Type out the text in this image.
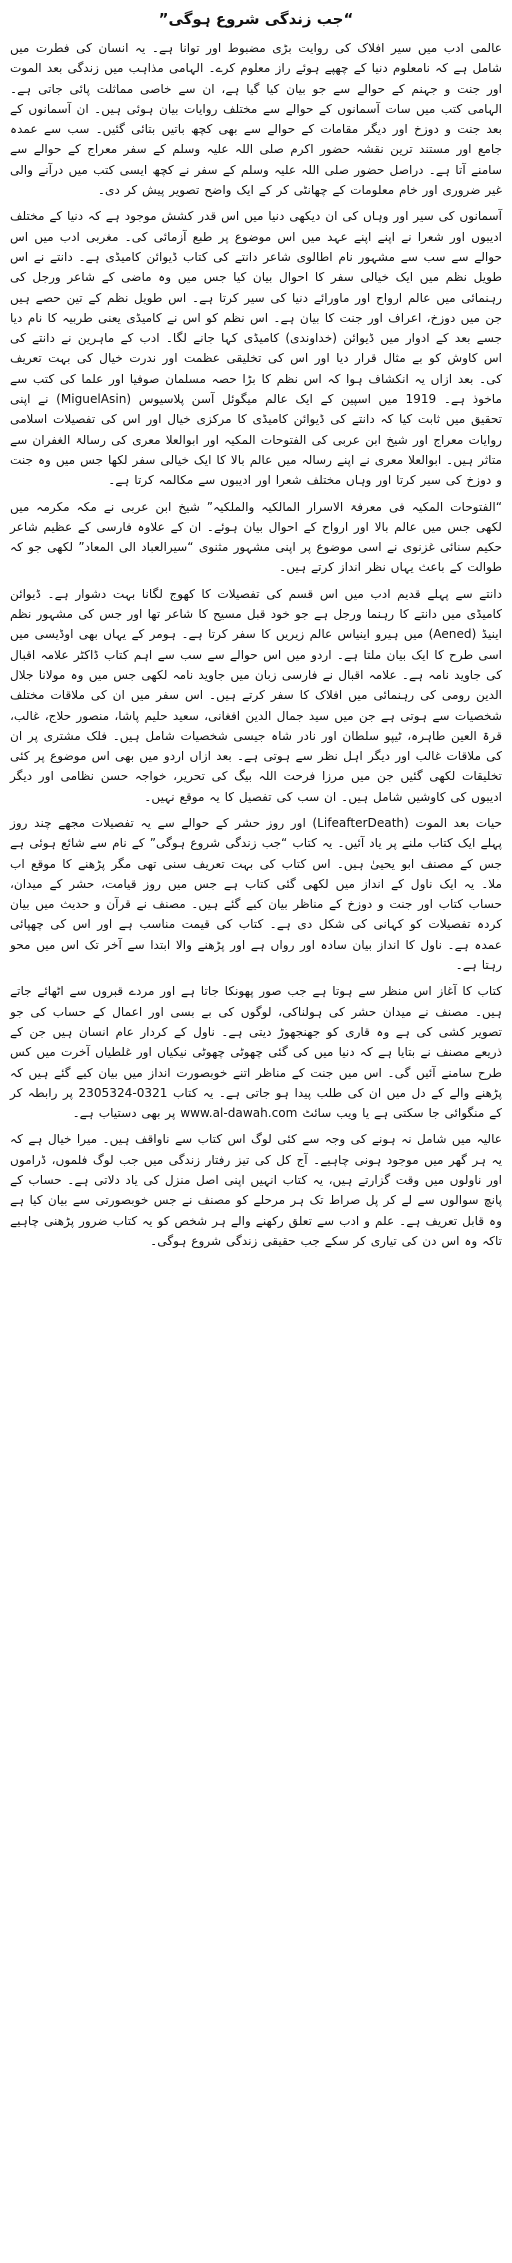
“جب زندگی شروع ہوگی”

عالمی ادب میں سیر افلاک کی روایت بڑی مضبوط اور توانا ہے۔ یہ انسان کی فطرت میں شامل ہے کہ نامعلوم دنیا کے چھپے ہوئے راز معلوم کرے۔ الہامی مذاہب میں زندگی بعد الموت اور جنت و جہنم کے حوالے سے جو بیان کیا گیا ہے، ان سے خاصی مماثلت پائی جاتی ہے۔ الہامی کتب میں سات آسمانوں کے حوالے سے مختلف روایات بیان ہوئی ہیں۔ ان آسمانوں کے بعد جنت و دوزخ اور دیگر مقامات کے حوالے سے بھی کچھ باتیں بتائی گئیں۔ سب سے عمدہ جامع اور مستند ترین نقشہ حضور اکرم صلی اللہ علیہ وسلم کے سفر معراج کے حوالے سے سامنے آتا ہے۔ دراصل حضور صلی اللہ علیہ وسلم کے سفر نے کچھ ایسی کتب میں درآنے والی غیر ضروری اور خام معلومات کے چھانٹی کر کے ایک واضح تصویر پیش کر دی۔

آسمانوں کی سیر اور وہاں کی ان دیکھی دنیا میں اس قدر کشش موجود ہے کہ دنیا کے مختلف ادیبوں اور شعرا نے اپنے اپنے عہد میں اس موضوع پر طبع آزمائی کی۔ مغربی ادب میں اس حوالے سے سب سے مشہور نام اطالوی شاعر دانتے کی کتاب ڈیوائن کامیڈی ہے۔ دانتے نے اس طویل نظم میں ایک خیالی سفر کا احوال بیان کیا جس میں وہ ماضی کے شاعر ورجل کی رہنمائی میں عالم ارواح اور ماورائے دنیا کی سیر کرتا ہے۔ اس طویل نظم کے تین حصے ہیں جن میں دوزخ، اعراف اور جنت کا بیان ہے۔ اس نظم کو اس نے کامیڈی یعنی طربیہ کا نام دیا جسے بعد کے ادوار میں ڈیوائن (خداوندی) کامیڈی کہا جانے لگا۔ ادب کے ماہرین نے دانتے کی اس کاوش کو بے مثال قرار دیا اور اس کی تخلیقی عظمت اور ندرت خیال کی بہت تعریف کی۔ بعد ازاں یہ انکشاف ہوا کہ اس نظم کا بڑا حصہ مسلمان صوفیا اور علما کی کتب سے ماخوذ ہے۔ 1919 میں اسپین کے ایک عالم میگوئل آسن پلاسیوس (MiguelAsin) نے اپنی تحقیق میں ثابت کیا کہ دانتے کی ڈیوائن کامیڈی کا مرکزی خیال اور اس کی تفصیلات اسلامی روایات معراج اور شیخ ابن عربی کی الفتوحات المکیہ اور ابوالعلا معری کی رسالۃ الغفران سے متاثر ہیں۔ ابوالعلا معری نے اپنے رسالہ میں عالم بالا کا ایک خیالی سفر لکھا جس میں وہ جنت و دوزخ کی سیر کرتا اور وہاں مختلف شعرا اور ادیبوں سے مکالمہ کرتا ہے۔

“الفتوحات المکیہ فی معرفۃ الاسرار المالکیہ والملکیہ” شیخ ابن عربی نے مکہ مکرمہ میں لکھی جس میں عالم بالا اور ارواح کے احوال بیان ہوئے۔ ان کے علاوہ فارسی کے عظیم شاعر حکیم سنائی غزنوی نے اسی موضوع پر اپنی مشہور مثنوی “سیرالعباد الی المعاد” لکھی جو کہ طوالت کے باعث یہاں نظر انداز کرتے ہیں۔

دانتے سے پہلے قدیم ادب میں اس قسم کی تفصیلات کا کھوج لگانا بہت دشوار ہے۔ ڈیوائن کامیڈی میں دانتے کا رہنما ورجل ہے جو خود قبل مسیح کا شاعر تھا اور جس کی مشہور نظم اینیڈ (Aened) میں ہیرو اینیاس عالم زیریں کا سفر کرتا ہے۔ ہومر کے یہاں بھی اوڈیسی میں اسی طرح کا ایک بیان ملتا ہے۔ اردو میں اس حوالے سے سب سے اہم کتاب ڈاکٹر علامہ اقبال کی جاوید نامہ ہے۔ علامہ اقبال نے فارسی زبان میں جاوید نامہ لکھی جس میں وہ مولانا جلال الدین رومی کی رہنمائی میں افلاک کا سفر کرتے ہیں۔ اس سفر میں ان کی ملاقات مختلف شخصیات سے ہوتی ہے جن میں سید جمال الدین افغانی، سعید حلیم پاشا، منصور حلاج، غالب، قرۃ العین طاہرہ، ٹیپو سلطان اور نادر شاہ جیسی شخصیات شامل ہیں۔ فلک مشتری پر ان کی ملاقات غالب اور دیگر اہل نظر سے ہوتی ہے۔ بعد ازاں اردو میں بھی اس موضوع پر کئی تخلیقات لکھی گئیں جن میں مرزا فرحت اللہ بیگ کی تحریر، خواجہ حسن نظامی اور دیگر ادیبوں کی کاوشیں شامل ہیں۔ ان سب کی تفصیل کا یہ موقع نہیں۔

حیات بعد الموت (LifeafterDeath) اور روز حشر کے حوالے سے یہ تفصیلات مجھے چند روز پہلے ایک کتاب ملنے پر یاد آئیں۔ یہ کتاب “جب زندگی شروع ہوگی” کے نام سے شائع ہوئی ہے جس کے مصنف ابو یحییٰ ہیں۔ اس کتاب کی بہت تعریف سنی تھی مگر پڑھنے کا موقع اب ملا۔ یہ ایک ناول کے انداز میں لکھی گئی کتاب ہے جس میں روز قیامت، حشر کے میدان، حساب کتاب اور جنت و دوزخ کے مناظر بیان کیے گئے ہیں۔ مصنف نے قرآن و حدیث میں بیان کردہ تفصیلات کو کہانی کی شکل دی ہے۔ کتاب کی قیمت مناسب ہے اور اس کی چھپائی عمدہ ہے۔ ناول کا انداز بیان سادہ اور رواں ہے اور پڑھنے والا ابتدا سے آخر تک اس میں محو رہتا ہے۔

کتاب کا آغاز اس منظر سے ہوتا ہے جب صور پھونکا جاتا ہے اور مردے قبروں سے اٹھائے جاتے ہیں۔ مصنف نے میدان حشر کی ہولناکی، لوگوں کی بے بسی اور اعمال کے حساب کی جو تصویر کشی کی ہے وہ قاری کو جھنجھوڑ دیتی ہے۔ ناول کے کردار عام انسان ہیں جن کے ذریعے مصنف نے بتایا ہے کہ دنیا میں کی گئی چھوٹی چھوٹی نیکیاں اور غلطیاں آخرت میں کس طرح سامنے آئیں گی۔ اس میں جنت کے مناظر اتنے خوبصورت انداز میں بیان کیے گئے ہیں کہ پڑھنے والے کے دل میں ان کی طلب پیدا ہو جاتی ہے۔ یہ کتاب 0321-2305324 پر رابطہ کر کے منگوائی جا سکتی ہے یا ویب سائٹ www.al-dawah.com پر بھی دستیاب ہے۔

عالیہ میں شامل نہ ہونے کی وجہ سے کئی لوگ اس کتاب سے ناواقف ہیں۔ میرا خیال ہے کہ یہ ہر گھر میں موجود ہونی چاہیے۔ آج کل کی تیز رفتار زندگی میں جب لوگ فلموں، ڈراموں اور ناولوں میں وقت گزارتے ہیں، یہ کتاب انہیں اپنی اصل منزل کی یاد دلاتی ہے۔ حساب کے پانچ سوالوں سے لے کر پل صراط تک ہر مرحلے کو مصنف نے جس خوبصورتی سے بیان کیا ہے وہ قابل تعریف ہے۔ علم و ادب سے تعلق رکھنے والے ہر شخص کو یہ کتاب ضرور پڑھنی چاہیے تاکہ وہ اس دن کی تیاری کر سکے جب حقیقی زندگی شروع ہوگی۔
